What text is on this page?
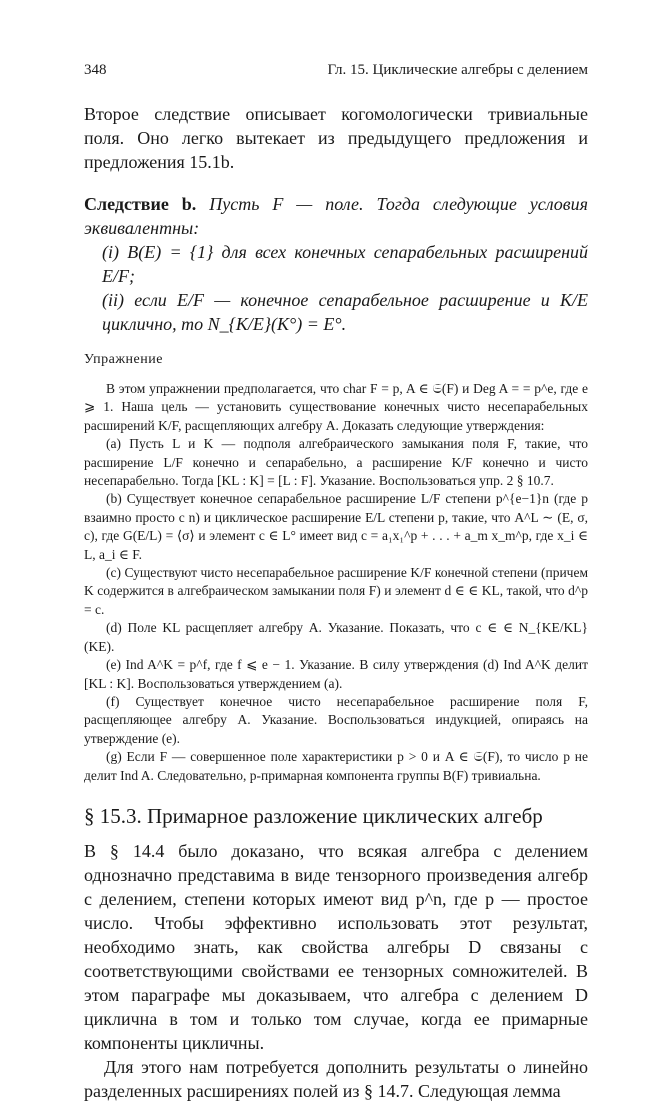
348	Гл. 15. Циклические алгебры с делением

Второе следствие описывает когомологически тривиальные поля. Оно легко вытекает из предыдущего предложения и предложения 15.1b.

Следствие b. Пусть F — поле. Тогда следующие условия эквивалентны:

(i) B(E) = {1} для всех конечных сепарабельных расширений E/F;

(ii) если E/F — конечное сепарабельное расширение и K/E циклично, то N_{K/E}(K°) = E°.

Упражнение

В этом упражнении предполагается, что char F = p, A ∈ 𝔖(F) и Deg A = = p^e, где e ⩾ 1. Наша цель — установить существование конечных чисто несепарабельных расширений K/F, расщепляющих алгебру A. Доказать следующие утверждения:

(а) Пусть L и K — подполя алгебраического замыкания поля F, такие, что расширение L/F конечно и сепарабельно, а расширение K/F конечно и чисто несепарабельно. Тогда [KL : K] = [L : F]. Указание. Воспользоваться упр. 2 § 10.7.

(b) Существует конечное сепарабельное расширение L/F степени p^{e−1}n (где p взаимно просто с n) и циклическое расширение E/L степени p, такие, что A^L ∼ (E, σ, c), где G(E/L) = ⟨σ⟩ и элемент c ∈ L° имеет вид c = a₁x₁^p + . . . + a_m x_m^p, где x_i ∈ L, a_i ∈ F.

(c) Существуют чисто несепарабельное расширение K/F конечной степени (причем K содержится в алгебраическом замыкании поля F) и элемент d ∈ ∈ KL, такой, что d^p = c.

(d) Поле KL расщепляет алгебру A. Указание. Показать, что c ∈ ∈ N_{KE/KL}(KE).

(e) Ind A^K = p^f, где f ⩽ e − 1. Указание. В силу утверждения (d) Ind A^K делит [KL : K]. Воспользоваться утверждением (a).

(f) Существует конечное чисто несепарабельное расширение поля F, расщепляющее алгебру A. Указание. Воспользоваться индукцией, опираясь на утверждение (e).

(g) Если F — совершенное поле характеристики p > 0 и A ∈ 𝔖(F), то число p не делит Ind A. Следовательно, p-примарная компонента группы B(F) тривиальна.

§ 15.3. Примарное разложение циклических алгебр

В § 14.4 было доказано, что всякая алгебра с делением однозначно представима в виде тензорного произведения алгебр с делением, степени которых имеют вид p^n, где p — простое число. Чтобы эффективно использовать этот результат, необходимо знать, как свойства алгебры D связаны с соответствующими свойствами ее тензорных сомножителей. В этом параграфе мы доказываем, что алгебра с делением D циклична в том и только том случае, когда ее примарные компоненты цикличны.

Для этого нам потребуется дополнить результаты о линейно разделенных расширениях полей из § 14.7. Следующая лемма
